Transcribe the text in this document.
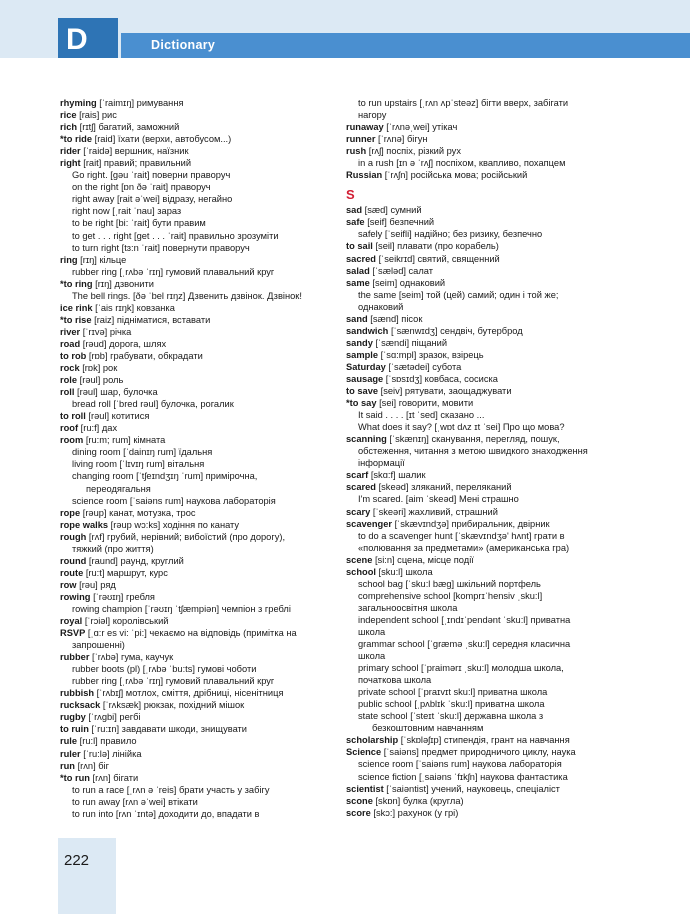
D	Dictionary
rhyming [ˈraimɪŋ] римування
rice [rais] рис
rich [rɪtʃ] багатий, заможний
*to ride [raid] їхати (верхи, автобусом...)
rider [ˈraidə] вершник, наїзник
right [rait] правий; правильний
Go right. [gəu ˈrait] поверни праворуч
on the right [ɒn ðə ˈrait] праворуч
right away [rait əˈwei] відразу, негайно
right now [ˌrait ˈnau] зараз
to be right [bi: ˈrait] бути правим
to get . . . right [get . . . ˈrait] правильно зрозуміти
to turn right [tɜ:n ˈrait] повернути праворуч
ring [rɪŋ] кільце
rubber ring [ˌrʌbə ˈrɪŋ] гумовий плавальний круг
*to ring [rɪŋ] дзвонити
The bell rings. [ðə ˈbel rɪŋz] Дзвенить дзвінок. Дзвінок!
ice rink [ˈais rɪŋk] ковзанка
*to rise [raiz] підніматися, вставати
river [ˈrɪvə] річка
road [rəud] дорога, шлях
to rob [rɒb] грабувати, обкрадати
rock [rɒk] рок
role [rəul] роль
roll [rəul] шар, булочка
bread roll [ˈbred rəul] булочка, рогалик
to roll [rəul] котитися
roof [ru:f] дах
room [ru:m; rum] кімната
dining room [ˈdainɪŋ rum] їдальня
living room [ˈlɪvɪŋ rum] вітальня
changing room [ˈtʃeɪndʒɪŋ ˈrum] примірочна,
переодягальня
science room [ˈsaiəns rum] наукова лабораторія
rope [rəup] канат, мотузка, трос
rope walks [rəup wɔ:ks] ходіння по канату
rough [rʌf] грубий, нерівний; вибоїстий (про дорогу),
тяжкий (про життя)
round [raund] раунд, круглий
route [ru:t] маршрут, курс
row [rəu] ряд
rowing [ˈrəʊɪŋ] гребля
rowing champion [ˈrəʊɪŋ ˈtʃæmpiən] чемпіон з греблі
royal [ˈrɔiəl] королівський
RSVP [ˌɑ:r es vi: ˈpi:] чекаємо на відповідь (примітка на
запрошенні)
rubber [ˈrʌbə] гума, каучук
rubber boots (pl) [ˌrʌbə ˈbu:ts] гумові чоботи
rubber ring [ˌrʌbə ˈrɪŋ] гумовий плавальний круг
rubbish [ˈrʌbɪʃ] мотлох, сміття, дрібниці, нісенітниця
rucksack [ˈrʌksæk] рюкзак, похідний мішок
rugby [ˈrʌgbi] регбі
to ruin [ˈru:ɪn] завдавати шкоди, знищувати
rule [ru:l] правило
ruler [ˈru:lə] лінійка
run [rʌn] біг
*to run [rʌn] бігати
to run a race [ˌrʌn ə ˈreis] брати участь у забігу
to run away [rʌn əˈwei] втікати
to run into [rʌn ˈɪntə] доходити до, впадати в
to run upstairs [ˌrʌn ʌpˈsteəz] бігти вверх, забігати
нагору
runaway [ˈrʌnəˌwei] утікач
runner [ˈrʌnə] бігун
rush [rʌʃ] поспіх, різкий рух
in a rush [ɪn ə ˈrʌʃ] поспіхом, квапливо, похапцем
Russian [ˈrʌʃn] російська мова; російський
S
sad [sæd] сумний
safe [seif] безпечний
safely [ˈseifli] надійно; без ризику, безпечно
to sail [seil] плавати (про корабель)
sacred [ˈseikrɪd] святий, священний
salad [ˈsæləd] салат
same [seim] однаковий
the same [seim] той (цей) самий; один і той же;
однаковий
sand [sænd] пісок
sandwich [ˈsænwɪdʒ] сендвіч, бутерброд
sandy [ˈsændi] піщаний
sample [ˈsɑ:mpl] зразок, взірець
Saturday [ˈsætədei] субота
sausage [ˈsɒsɪdʒ] ковбаса, сосиска
to save [seiv] рятувати, заощаджувати
*to say [sei] говорити, мовити
It said . . . . [ɪt ˈsed] сказано ...
What does it say? [ˌwɒt dʌz ɪt ˈsei] Про що мова?
scanning [ˈskænɪŋ] сканування, перегляд, пошук,
обстеження, читання з метою швидкого знаходження
інформації
scarf [skɑ:f] шалик
scared [skeəd] зляканий, переляканий
I'm scared. [aim ˈskeəd] Мені страшно
scary [ˈskeəri] жахливий, страшний
scavenger [ˈskævɪndʒə] прибиральник, двірник
to do a scavenger hunt [ˈskævɪndʒə' hʌnt] грати в
«полювання за предметами» (американська гра)
scene [si:n] сцена, місце події
school [sku:l] школа
school bag [ˈsku:l bæg] шкільний портфель
comprehensive school [komprɪˈhensiv ˌsku:l]
загальноосвітня школа
independent school [ˌɪndɪˈpendənt ˈsku:l] приватна
школа
grammar school [ˈgræmə ˌsku:l] середня класична
школа
primary school [ˈpraimərɪ ˌsku:l] молодша школа,
початкова школа
private school [ˈpraɪvɪt sku:l] приватна школа
public school [ˌpʌblɪk ˈsku:l] приватна школа
state school [ˈsteɪt ˈsku:l] державна школа з
безкоштовним навчанням
scholarship [ˈskɒləʃɪp] стипендія, грант на навчання
Science [ˈsaiəns] предмет природничого циклу, наука
science room [ˈsaiəns rum] наукова лабораторія
science fiction [ˌsaiəns ˈfɪkʃn] наукова фантастика
scientist [ˈsaiəntist] учений, науковець, спеціаліст
scone [skɒn] булка (кругла)
score [skɔ:] рахунок (у грі)
222
